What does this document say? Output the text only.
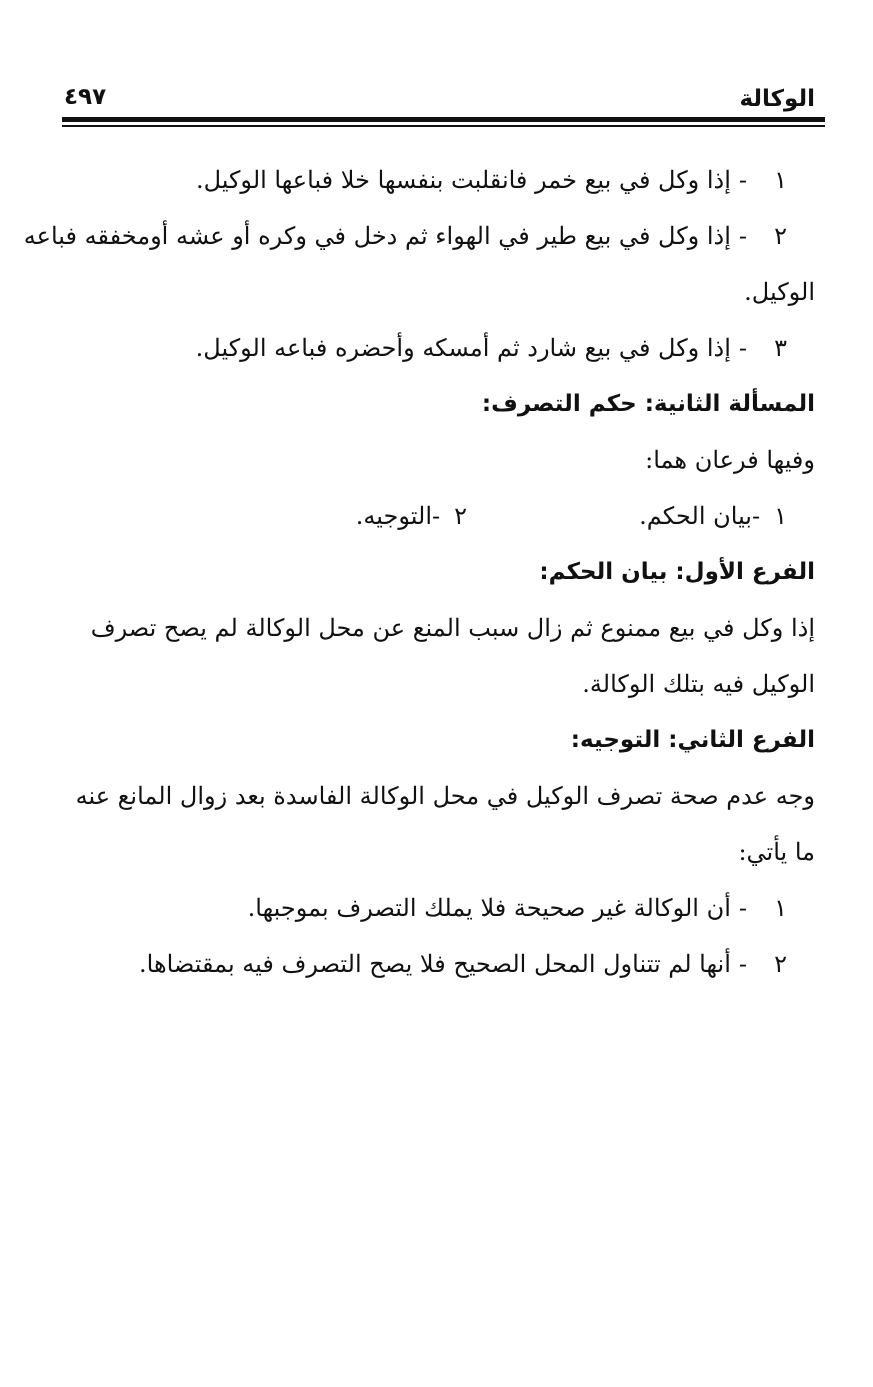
الوكالة
٤٩٧
١
-
إذا وكل في بيع خمر فانقلبت بنفسها خلا فباعها الوكيل.
٢
-
إذا وكل في بيع طير في الهواء ثم دخل في وكره أو عشه أومخفقه فباعه

الوكيل.

٣
-
إذا وكل في بيع شارد ثم أمسكه وأحضره فباعه الوكيل.

المسألة الثانية: حكم التصرف:

وفيها فرعان هما:

١
-
بيان الحكم.
٢
-
التوجيه.

الفرع الأول: بيان الحكم:

إذا وكل في بيع ممنوع ثم زال سبب المنع عن محل الوكالة لم يصح تصرف

الوكيل فيه بتلك الوكالة.

الفرع الثاني: التوجيه:

وجه عدم صحة تصرف الوكيل في محل الوكالة الفاسدة بعد زوال المانع عنه

ما يأتي:

١
-
أن الوكالة غير صحيحة فلا يملك التصرف بموجبها.
٢
-
أنها لم تتناول المحل الصحيح فلا يصح التصرف فيه بمقتضاها.
